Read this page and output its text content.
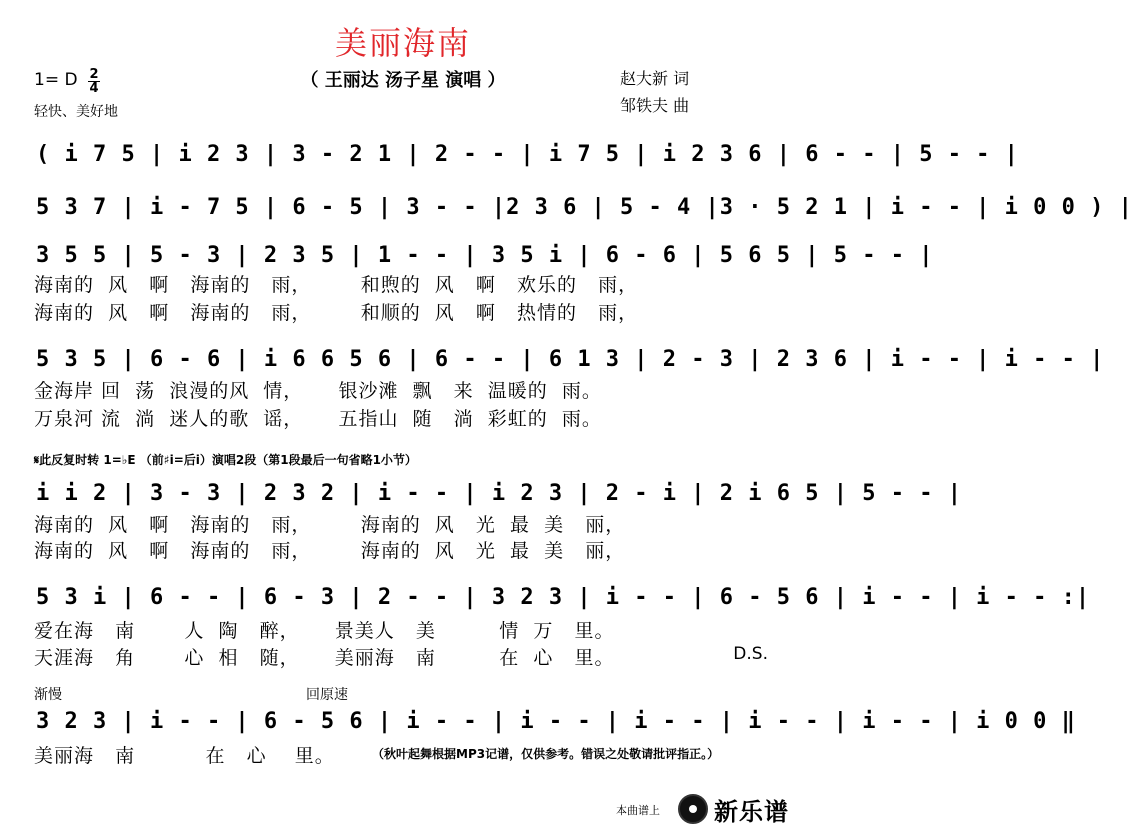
美丽海南
（ 王丽达 汤子星 演唱 ）
1= D 2
4
轻快、美好地
赵大新 词
邹铁夫 曲
( i 7 5 | i 2 3 | 3 - 2 1 | 2 - - | i 7 5 | i 2 3 6 | 6 - - | 5 - - |
5 3 7 | i - 7 5 | 6 - 5 | 3 - - |2 3 6 | 5 - 4 |3 · 5 2 1 | i - - | i 0 0 ) |
3 5 5 | 5 - 3 | 2 3 5 | 1 - - | 3 5 i | 6 - 6 | 5 6 5 | 5 - - |
海南的  风   啊   海南的   雨，       和煦的  风   啊   欢乐的   雨，
海南的  风   啊   海南的   雨，       和顺的  风   啊   热情的   雨，
5 3 5 | 6 - 6 | i 6 6 5 6 | 6 - - | 6 1 3 | 2 - 3 | 2 3 6 | i - - | i - - |
金海岸 回  荡  浪漫的风  情，     银沙滩  飘   来  温暖的  雨。
万泉河 流  淌  迷人的歌  谣，     五指山  随   淌  彩虹的  雨。
𝄋此反复时转 1=♭E （前♯i=后i）演唱2段（第1段最后一句省略1小节）
i i 2 | 3 - 3 | 2 3 2 | i - - | i 2 3 | 2 - i | 2 i 6 5 | 5 - - |
海南的  风   啊   海南的   雨，       海南的  风   光  最  美   丽，
海南的  风   啊   海南的   雨，       海南的  风   光  最  美   丽，
5 3 i | 6 - - | 6 - 3 | 2 - - | 3 2 3 | i - - | 6 - 5 6 | i - - | i - - :|
爱在海   南       人  陶   醉，     景美人   美         情  万   里。
天涯海   角       心  相   随，     美丽海   南         在  心   里。	D.S.
渐慢	回原速
3 2 3 | i - - | 6 - 5 6 | i - - | i - - | i - - | i - - | i - - | i 0 0 ‖
美丽海   南          在   心    里。	（秋叶起舞根据MP3记谱，仅供参考。错误之处敬请批评指正。）
本曲谱上 新乐谱
